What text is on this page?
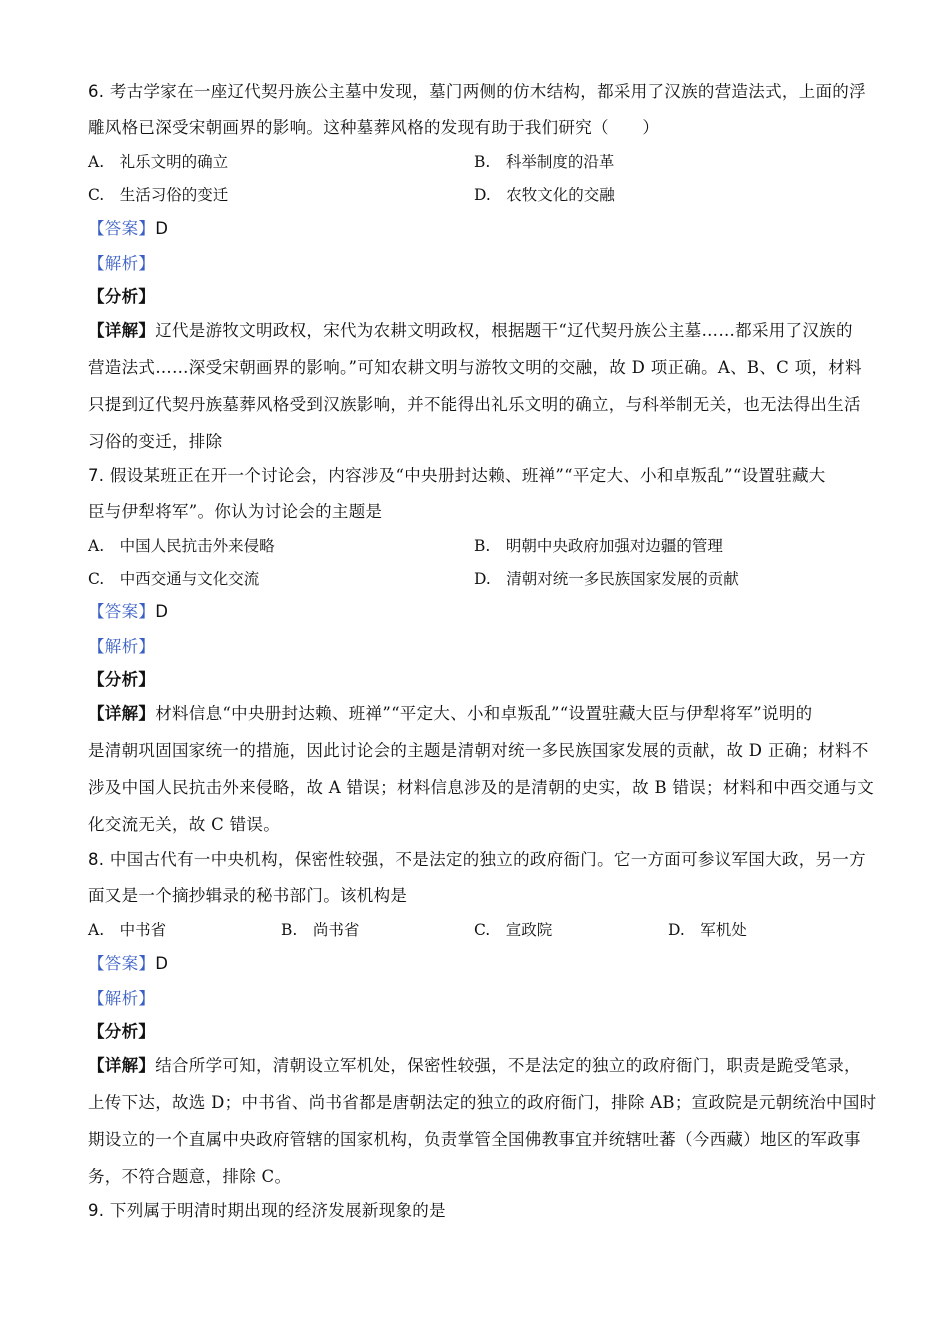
6. 考古学家在一座辽代契丹族公主墓中发现，墓门两侧的仿木结构，都采用了汉族的营造法式，上面的浮
雕风格已深受宋朝画界的影响。这种墓葬风格的发现有助于我们研究（　　）
A.　礼乐文明的确立	B.　科举制度的沿革
C.　生活习俗的变迁	D.　农牧文化的交融
【答案】D
【解析】
【分析】
【详解】辽代是游牧文明政权，宋代为农耕文明政权，根据题干“辽代契丹族公主墓……都采用了汉族的
营造法式……深受宋朝画界的影响。”可知农耕文明与游牧文明的交融，故 D 项正确。A、B、C 项，材料
只提到辽代契丹族墓葬风格受到汉族影响，并不能得出礼乐文明的确立，与科举制无关，也无法得出生活
习俗的变迁，排除
7. 假设某班正在开一个讨论会，内容涉及“中央册封达赖、班禅”“平定大、小和卓叛乱”“设置驻藏大
臣与伊犁将军”。你认为讨论会的主题是
A.　中国人民抗击外来侵略	B.　明朝中央政府加强对边疆的管理
C.　中西交通与文化交流	D.　清朝对统一多民族国家发展的贡献
【答案】D
【解析】
【分析】
【详解】材料信息“中央册封达赖、班禅”“平定大、小和卓叛乱”“设置驻藏大臣与伊犁将军”说明的
是清朝巩固国家统一的措施，因此讨论会的主题是清朝对统一多民族国家发展的贡献，故 D 正确；材料不
涉及中国人民抗击外来侵略，故 A 错误；材料信息涉及的是清朝的史实，故 B 错误；材料和中西交通与文
化交流无关，故 C 错误。
8. 中国古代有一中央机构，保密性较强，不是法定的独立的政府衙门。它一方面可参议军国大政，另一方
面又是一个摘抄辑录的秘书部门。该机构是
A.　中书省	B.　尚书省	C.　宣政院	D.　军机处
【答案】D
【解析】
【分析】
【详解】结合所学可知，清朝设立军机处，保密性较强，不是法定的独立的政府衙门，职责是跪受笔录，
上传下达，故选 D；中书省、尚书省都是唐朝法定的独立的政府衙门，排除 AB；宣政院是元朝统治中国时
期设立的一个直属中央政府管辖的国家机构，负责掌管全国佛教事宜并统辖吐蕃（今西藏）地区的军政事
务，不符合题意，排除 C。
9. 下列属于明清时期出现的经济发展新现象的是
